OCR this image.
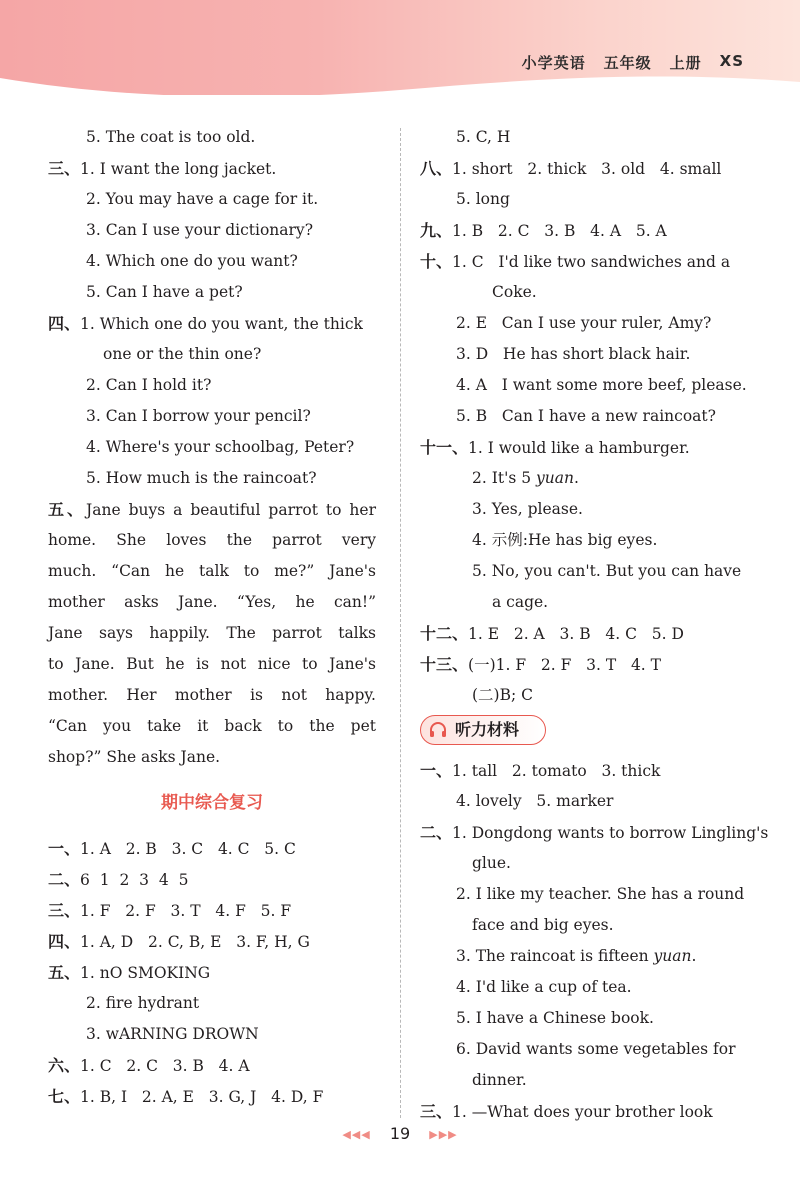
小学英语 五年级 上册 XS
5. The coat is too old.
三、1. I want the long jacket.
2. You may have a cage for it.
3. Can I use your dictionary?
4. Which one do you want?
5. Can I have a pet?
四、1. Which one do you want, the thick
one or the thin one?
2. Can I hold it?
3. Can I borrow your pencil?
4. Where's your schoolbag, Peter?
5. How much is the raincoat?
五、Jane buys a beautiful parrot to her
home. She loves the parrot very
much. “Can he talk to me?” Jane's
mother asks Jane. “Yes, he can!”
Jane says happily. The parrot talks
to Jane. But he is not nice to Jane's
mother. Her mother is not happy.
“Can you take it back to the pet
shop?” She asks Jane.
期中综合复习
一、1. A   2. B   3. C   4. C   5. C
二、6  1  2  3  4  5
三、1. F   2. F   3. T   4. F   5. F
四、1. A, D   2. C, B, E   3. F, H, G
五、1. nO SMOKING
2. fire hydrant
3. wARNING DROWN
六、1. C   2. C   3. B   4. A
七、1. B, I   2. A, E   3. G, J   4. D, F
5. C, H
八、1. short   2. thick   3. old   4. small
5. long
九、1. B   2. C   3. B   4. A   5. A
十、1. C   I'd like two sandwiches and a
Coke.
2. E   Can I use your ruler, Amy?
3. D   He has short black hair.
4. A   I want some more beef, please.
5. B   Can I have a new raincoat?
十一、1. I would like a hamburger.
2. It's 5 yuan.
3. Yes, please.
4. 示例:He has big eyes.
5. No, you can't. But you can have
a cage.
十二、1. E   2. A   3. B   4. C   5. D
十三、(一)1. F   2. F   3. T   4. T
(二)B; C
听力材料
一、1. tall   2. tomato   3. thick
4. lovely   5. marker
二、1. Dongdong wants to borrow Lingling's
glue.
2. I like my teacher. She has a round
face and big eyes.
3. The raincoat is fifteen yuan.
4. I'd like a cup of tea.
5. I have a Chinese book.
6. David wants some vegetables for
dinner.
三、1. —What does your brother look
◀◀◀ 19 ▶▶▶
